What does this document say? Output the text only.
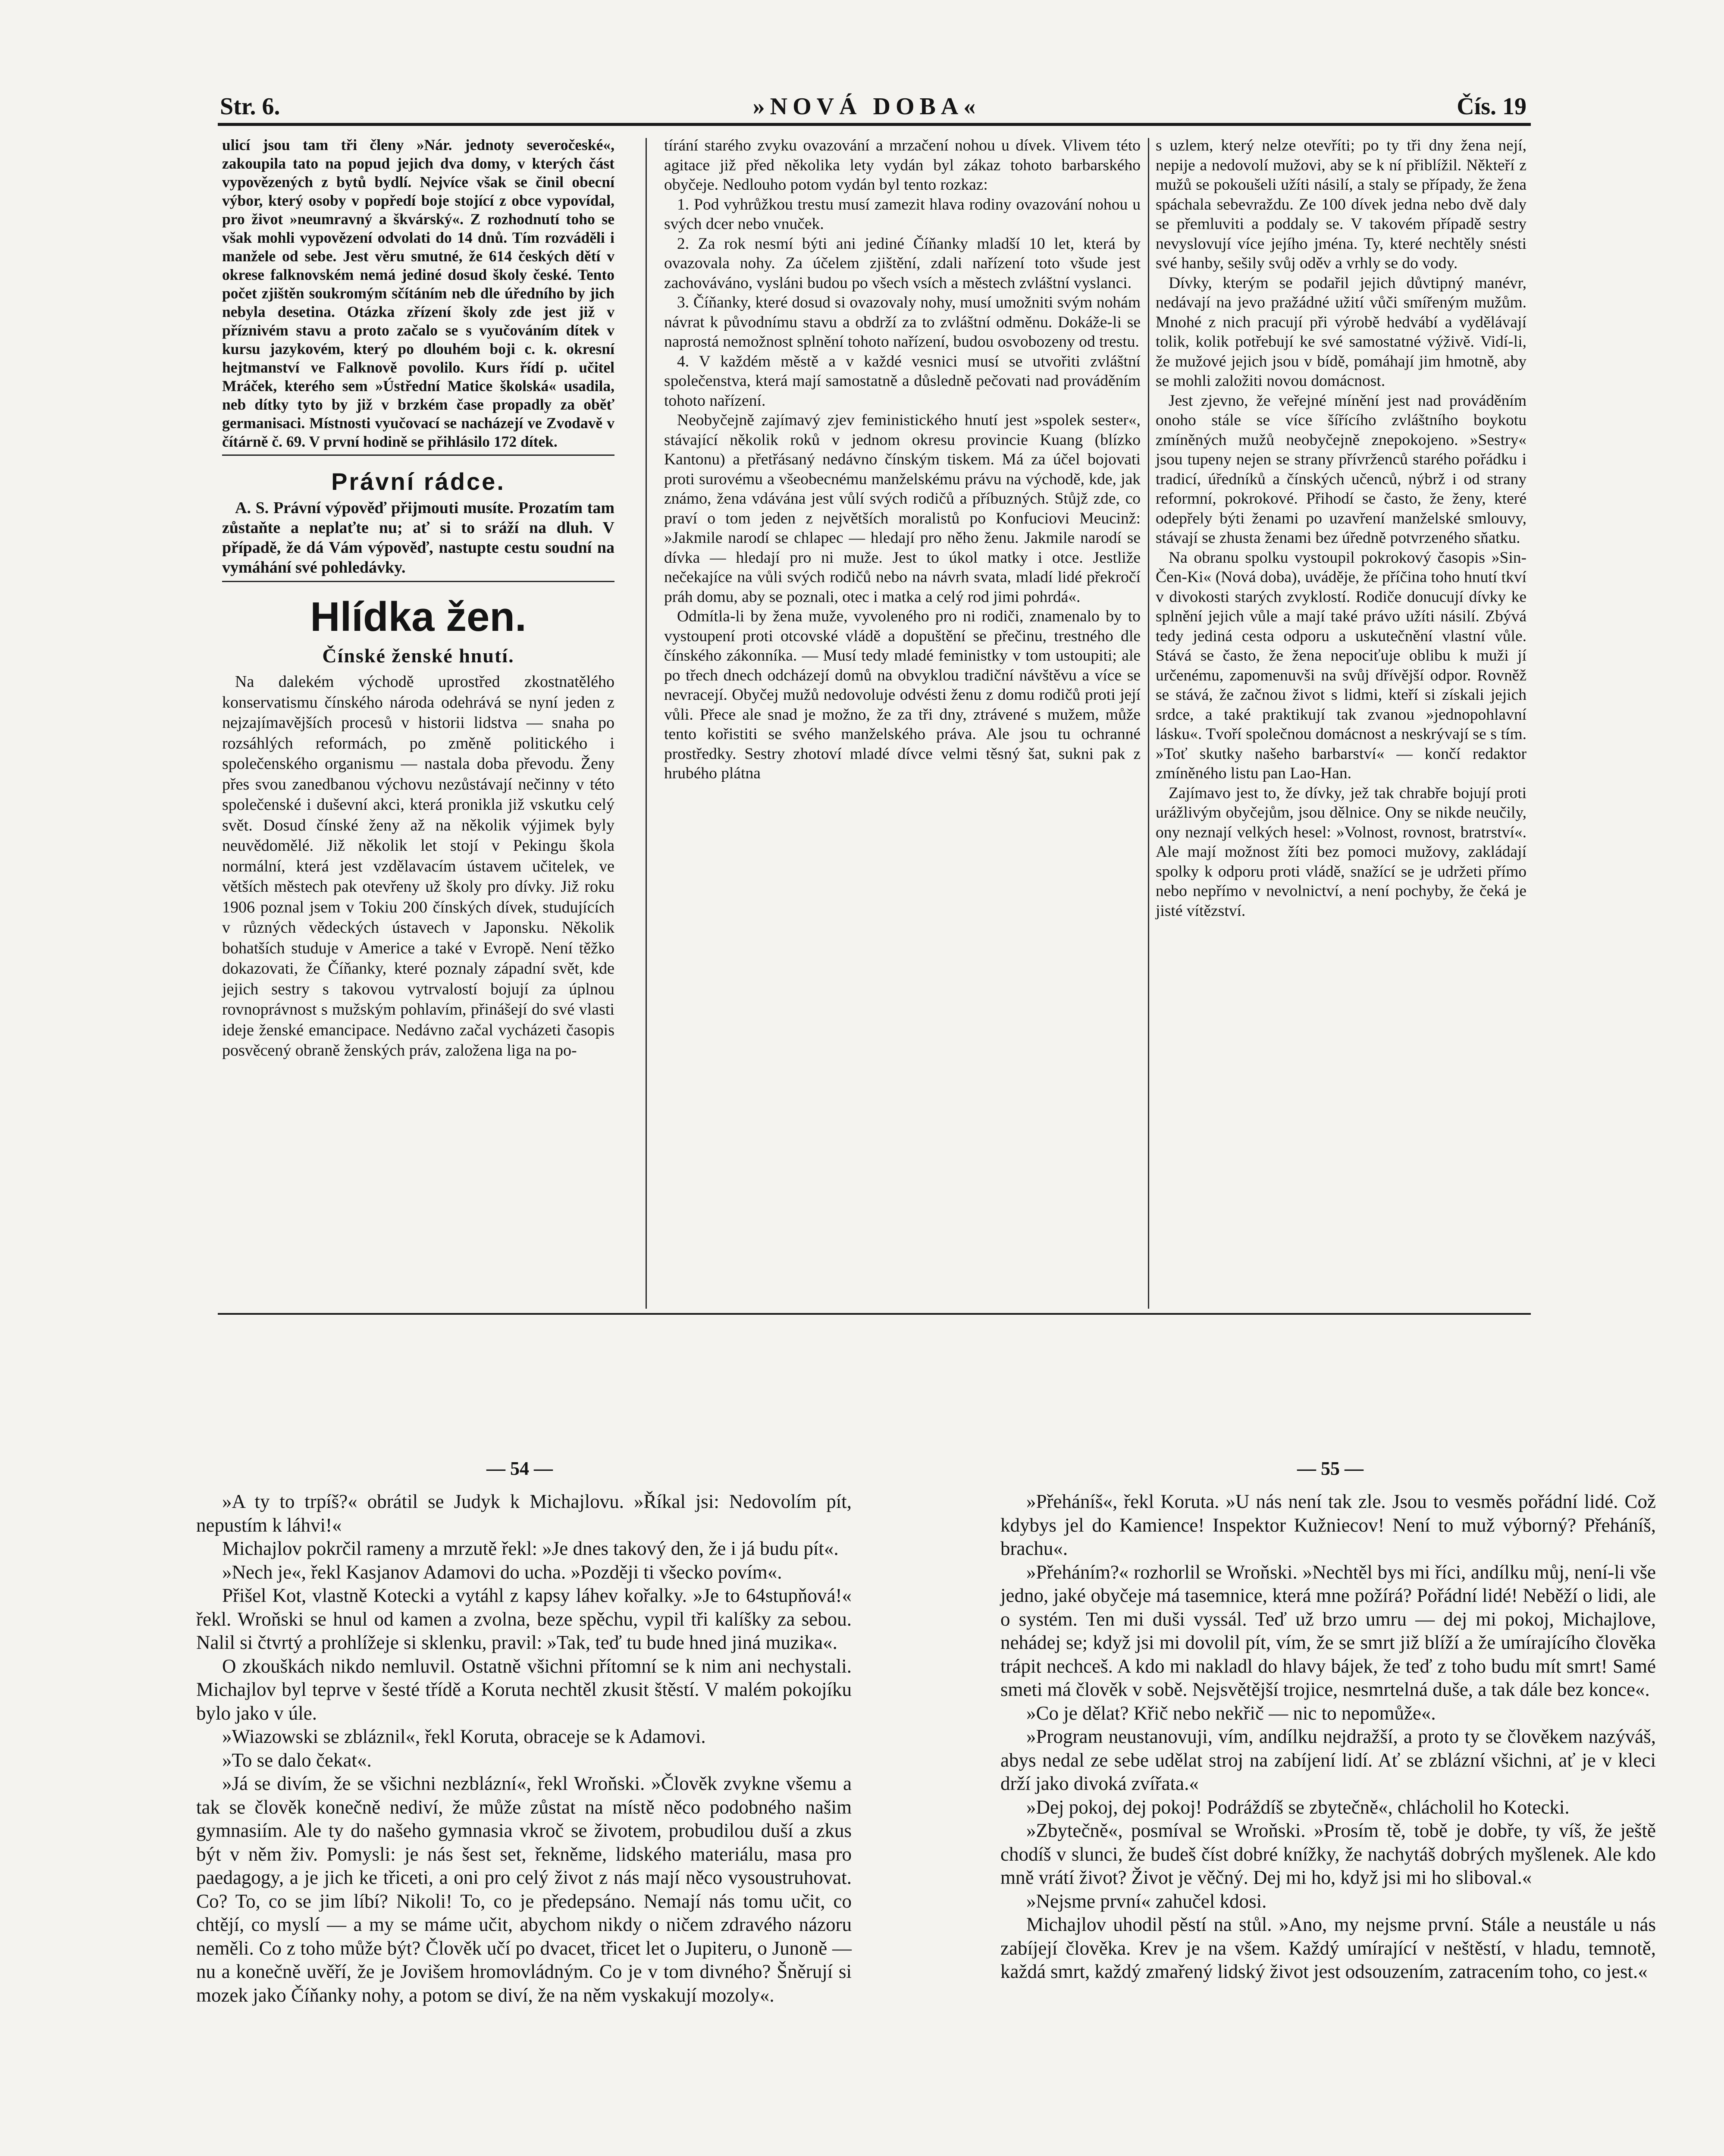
Str. 6.	»NOVÁ DOBA«	Čís. 19

ulicí jsou tam tři členy »Nár. jednoty severočeské«, zakoupila tato na popud jejich dva domy, v kterých část vypovězených z bytů bydlí. Nejvíce však se činil obecní výbor, který osoby v popředí boje stojící z obce vypovídal, pro život »neumravný a škvárský«. Z rozhodnutí toho se však mohli vypovězení odvolati do 14 dnů. Tím rozváděli i manžele od sebe. Jest věru smutné, že 614 českých dětí v okrese falknovském nemá jediné dosud školy české. Tento počet zjištěn soukromým sčítáním neb dle úředního by jich nebyla desetina. Otázka zřízení školy zde jest již v příznivém stavu a proto začalo se s vyučováním dítek v kursu jazykovém, který po dlouhém boji c. k. okresní hejtmanství ve Falknově povolilo. Kurs řídí p. učitel Mráček, kterého sem »Ústřední Matice školská« usadila, neb dítky tyto by již v brzkém čase propadly za oběť germanisaci. Místnosti vyučovací se nacházejí ve Zvodavě v čítárně č. 69. V první hodině se přihlásilo 172 dítek.

Právní rádce.

A. S. Právní výpověď přijmouti musíte. Prozatím tam zůstaňte a neplaťte nu; ať si to sráží na dluh. V případě, že dá Vám výpověď, nastupte cestu soudní na vymáhání své pohledávky.

Hlídka žen.
Čínské ženské hnutí.

Na dalekém východě uprostřed zkostnatělého konservatismu čínského národa odehrává se nyní jeden z nejzajímavějších procesů v historii lidstva — snaha po rozsáhlých reformách, po změně politického i společenského organismu — nastala doba převodu. Ženy přes svou zanedbanou výchovu nezůstávají nečinny v této společenské i duševní akci, která pronikla již vskutku celý svět. Dosud čínské ženy až na několik výjimek byly neuvědomělé. Již několik let stojí v Pekingu škola normální, která jest vzdělavacím ústavem učitelek, ve větších městech pak otevřeny už školy pro dívky. Již roku 1906 poznal jsem v Tokiu 200 čínských dívek, studujících v různých vědeckých ústavech v Japonsku. Několik bohatších studuje v Americe a také v Evropě. Není těžko dokazovati, že Číňanky, které poznaly západní svět, kde jejich sestry s takovou vytrvalostí bojují za úplnou rovnoprávnost s mužským pohlavím, přinášejí do své vlasti ideje ženské emancipace. Nedávno začal vycházeti časopis posvěcený obraně ženských práv, založena liga na po-

tírání starého zvyku ovazování a mrzačení nohou u dívek. Vlivem této agitace již před několika lety vydán byl zákaz tohoto barbarského obyčeje. Nedlouho potom vydán byl tento rozkaz:

1. Pod vyhrůžkou trestu musí zamezit hlava rodiny ovazování nohou u svých dcer nebo vnuček.

2. Za rok nesmí býti ani jediné Číňanky mladší 10 let, která by ovazovala nohy. Za účelem zjištění, zdali nařízení toto všude jest zachováváno, vysláni budou po všech vsích a městech zvláštní vyslanci.

3. Číňanky, které dosud si ovazovaly nohy, musí umožniti svým nohám návrat k původnímu stavu a obdrží za to zvláštní odměnu. Dokáže-li se naprostá nemožnost splnění tohoto nařízení, budou osvobozeny od trestu.

4. V každém městě a v každé vesnici musí se utvořiti zvláštní společenstva, která mají samostatně a důsledně pečovati nad prováděním tohoto nařízení.

Neobyčejně zajímavý zjev feministického hnutí jest »spolek sester«, stávající několik roků v jednom okresu provincie Kuang (blízko Kantonu) a přetřásaný nedávno čínským tiskem. Má za účel bojovati proti surovému a všeobecnému manželskému právu na východě, kde, jak známo, žena vdávána jest vůlí svých rodičů a příbuzných. Stůjž zde, co praví o tom jeden z největších moralistů po Konfuciovi Meucinž: »Jakmile narodí se chlapec — hledají pro něho ženu. Jakmile narodí se dívka — hledají pro ni muže. Jest to úkol matky i otce. Jestliže nečekajíce na vůli svých rodičů nebo na návrh svata, mladí lidé překročí práh domu, aby se poznali, otec i matka a celý rod jimi pohrdá«.

Odmítla-li by žena muže, vyvoleného pro ni rodiči, znamenalo by to vystoupení proti otcovské vládě a dopuštění se přečinu, trestného dle čínského zákonníka. — Musí tedy mladé feministky v tom ustoupiti; ale po třech dnech odcházejí domů na obvyklou tradiční návštěvu a více se nevracejí. Obyčej mužů nedovoluje odvésti ženu z domu rodičů proti její vůli. Přece ale snad je možno, že za tři dny, ztrávené s mužem, může tento kořistiti se svého manželského práva. Ale jsou tu ochranné prostředky. Sestry zhotoví mladé dívce velmi těsný šat, sukni pak z hrubého plátna

s uzlem, který nelze otevříti; po ty tři dny žena nejí, nepije a nedovolí mužovi, aby se k ní přiblížil. Někteří z mužů se pokoušeli užíti násilí, a staly se případy, že žena spáchala sebevraždu. Ze 100 dívek jedna nebo dvě daly se přemluviti a poddaly se. V takovém případě sestry nevyslovují více jejího jména. Ty, které nechtěly snésti své hanby, sešily svůj oděv a vrhly se do vody.

Dívky, kterým se podařil jejich důvtipný manévr, nedávají na jevo pražádné užití vůči smířeným mužům. Mnohé z nich pracují při výrobě hedvábí a vydělávají tolik, kolik potřebují ke své samostatné výživě. Vidí-li, že mužové jejich jsou v bídě, pomáhají jim hmotně, aby se mohli založiti novou domácnost.

Jest zjevno, že veřejné mínění jest nad prováděním onoho stále se více šířícího zvláštního boykotu zmíněných mužů neobyčejně znepokojeno. »Sestry« jsou tupeny nejen se strany přívrženců starého pořádku i tradicí, úředníků a čínských učenců, nýbrž i od strany reformní, pokrokové. Přihodí se často, že ženy, které odepřely býti ženami po uzavření manželské smlouvy, stávají se zhusta ženami bez úředně potvrzeného sňatku.

Na obranu spolku vystoupil pokrokový časopis »Sin-Čen-Ki« (Nová doba), uváděje, že příčina toho hnutí tkví v divokosti starých zvyklostí. Rodiče donucují dívky ke splnění jejich vůle a mají také právo užíti násilí. Zbývá tedy jediná cesta odporu a uskutečnění vlastní vůle. Stává se často, že žena nepociťuje oblibu k muži jí určenému, zapomenuvši na svůj dřívější odpor. Rovněž se stává, že začnou život s lidmi, kteří si získali jejich srdce, a také praktikují tak zvanou »jednopohlavní lásku«. Tvoří společnou domácnost a neskrývají se s tím. »Toť skutky našeho barbarství« — končí redaktor zmíněného listu pan Lao-Han.

Zajímavo jest to, že dívky, jež tak chrabře bojují proti urážlivým obyčejům, jsou dělnice. Ony se nikde neučily, ony neznají velkých hesel: »Volnost, rovnost, bratrství«. Ale mají možnost žíti bez pomoci mužovy, zakládají spolky k odporu proti vládě, snažící se je udržeti přímo nebo nepřímo v nevolnictví, a není pochyby, že čeká je jisté vítězství.

— 54 —	— 55 —

»A ty to trpíš?« obrátil se Judyk k Michajlovu. »Říkal jsi: Nedovolím pít, nepustím k láhvi!«

Michajlov pokrčil rameny a mrzutě řekl: »Je dnes takový den, že i já budu pít«.

»Nech je«, řekl Kasjanov Adamovi do ucha. »Později ti všecko povím«.

Přišel Kot, vlastně Kotecki a vytáhl z kapsy láhev kořalky. »Je to 64stupňová!« řekl. Wroňski se hnul od kamen a zvolna, beze spěchu, vypil tři kalíšky za sebou. Nalil si čtvrtý a prohlížeje si sklenku, pravil: »Tak, teď tu bude hned jiná muzika«.

O zkouškách nikdo nemluvil. Ostatně všichni přítomní se k nim ani nechystali. Michajlov byl teprve v šesté třídě a Koruta nechtěl zkusit štěstí. V malém pokojíku bylo jako v úle.

»Wiazowski se zbláznil«, řekl Koruta, obraceje se k Adamovi.

»To se dalo čekat«.

»Já se divím, že se všichni nezblázní«, řekl Wroňski. »Člověk zvykne všemu a tak se člověk konečně nediví, že může zůstat na místě něco podobného našim gymnasiím. Ale ty do našeho gymnasia vkroč se životem, probudilou duší a zkus být v něm živ. Pomysli: je nás šest set, řekněme, lidského materiálu, masa pro paedagogy, a je jich ke třiceti, a oni pro celý život z nás mají něco vysoustruhovat. Co? To, co se jim líbí? Nikoli! To, co je předepsáno. Nemají nás tomu učit, co chtějí, co myslí — a my se máme učit, abychom nikdy o ničem zdravého názoru neměli. Co z toho může být? Člověk učí po dvacet, třicet let o Jupiteru, o Junoně — nu a konečně uvěří, že je Jovišem hromovládným. Co je v tom divného? Šněrují si mozek jako Číňanky nohy, a potom se diví, že na něm vyskakují mozoly«.

»Přeháníš«, řekl Koruta. »U nás není tak zle. Jsou to vesměs pořádní lidé. Což kdybys jel do Kamience! Inspektor Kužniecov! Není to muž výborný? Přeháníš, brachu«.

»Přeháním?« rozhorlil se Wroňski. »Nechtěl bys mi říci, andílku můj, není-li vše jedno, jaké obyčeje má tasemnice, která mne požírá? Pořádní lidé! Neběží o lidi, ale o systém. Ten mi duši vyssál. Teď už brzo umru — dej mi pokoj, Michajlove, nehádej se; když jsi mi dovolil pít, vím, že se smrt již blíží a že umírajícího člověka trápit nechceš. A kdo mi nakladl do hlavy bájek, že teď z toho budu mít smrt! Samé smeti má člověk v sobě. Nejsvětější trojice, nesmrtelná duše, a tak dále bez konce«.

»Co je dělat? Křič nebo nekřič — nic to nepomůže«.

»Program neustanovuji, vím, andílku nejdražší, a proto ty se člověkem nazýváš, abys nedal ze sebe udělat stroj na zabíjení lidí. Ať se zblázní všichni, ať je v kleci drží jako divoká zvířata.«

»Dej pokoj, dej pokoj! Podráždíš se zbytečně«, chlácholil ho Kotecki.

»Zbytečně«, posmíval se Wroňski. »Prosím tě, tobě je dobře, ty víš, že ještě chodíš v slunci, že budeš číst dobré knížky, že nachytáš dobrých myšlenek. Ale kdo mně vrátí život? Život je věčný. Dej mi ho, když jsi mi ho sliboval.«

»Nejsme první« zahučel kdosi.

Michajlov uhodil pěstí na stůl. »Ano, my nejsme první. Stále a neustále u nás zabíjejí člověka. Krev je na všem. Každý umírající v neštěstí, v hladu, temnotě, každá smrt, každý zmařený lidský život jest odsouzením, zatracením toho, co jest.«
